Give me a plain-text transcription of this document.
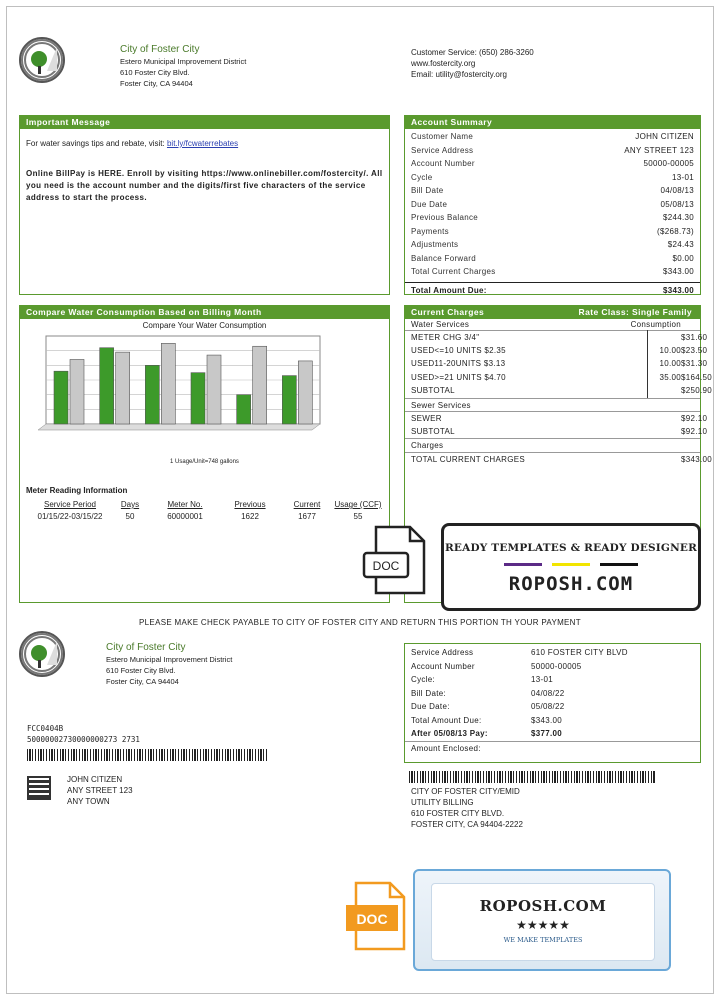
City of Foster City
Estero Municipal Improvement District
610 Foster City Blvd.
Foster City, CA 94404
Customer Service: (650) 286-3260
www.fostercity.org
Email: utility@fostercity.org
Important Message
For water savings tips and rebate, visit: bit.ly/fcwaterrebates
Online BillPay is HERE. Enroll by visiting https://www.onlinebiller.com/fostercity/. All you need is the account number and the digits/first five characters of the service address to start the process.
Account Summary
Customer Name	JOHN CITIZEN
Service Address	ANY STREET 123
Account Number	50000-00005
Cycle	13-01
Bill Date	04/08/13
Due Date	05/08/13
Previous Balance	$244.30
Payments	($268.73)
Adjustments	$24.43
Balance Forward	$0.00
Total Current Charges	$343.00
Total Amount Due:	$343.00
Compare Water Consumption Based on Billing Month
Compare Your Water Consumption
1 Usage/Unit=748 gallons
Meter Reading Information
Service Period	Days	Meter No.	Previous	Current	Usage (CCF)
01/15/22-03/15/22	50	60000001	1622	1677	55
Current Charges	Rate Class: Single Family
Water Services	Consumption
METER CHG 3/4"	$31.60
USED<=10 UNITS $2.35	10.00 $23.50
USED11-20UNITS $3.13	10.00 $31.30
USED>=21 UNITS $4.70	35.00 $164.50
SUBTOTAL	$250.90
Sewer Services
SEWER	$92.10
SUBTOTAL	$92.10
Charges
TOTAL CURRENT CHARGES	$343.00
DOC
READY TEMPLATES & READY DESIGNER
ROPOSH.COM
PLEASE MAKE CHECK PAYABLE TO CITY OF FOSTER CITY AND RETURN THIS PORTION TH YOUR PAYMENT
City of Foster City
Estero Municipal Improvement District
610 Foster City Blvd.
Foster City, CA 94404
FCC0404B
50000002730000000273 2731
JOHN CITIZEN
ANY STREET 123
ANY TOWN
Service Address	610 FOSTER CITY BLVD
Account Number	50000-00005
Cycle:	13-01
Bill Date:	04/08/22
Due Date:	05/08/22
Total Amount Due:	$343.00
After 05/08/13 Pay:	$377.00
Amount Enclosed:
CITY OF FOSTER CITY/EMID
UTILITY BILLING
610 FOSTER CITY BLVD.
FOSTER CITY, CA 94404-2222
DOC
ROPOSH.COM
★★★★★
WE MAKE TEMPLATES
